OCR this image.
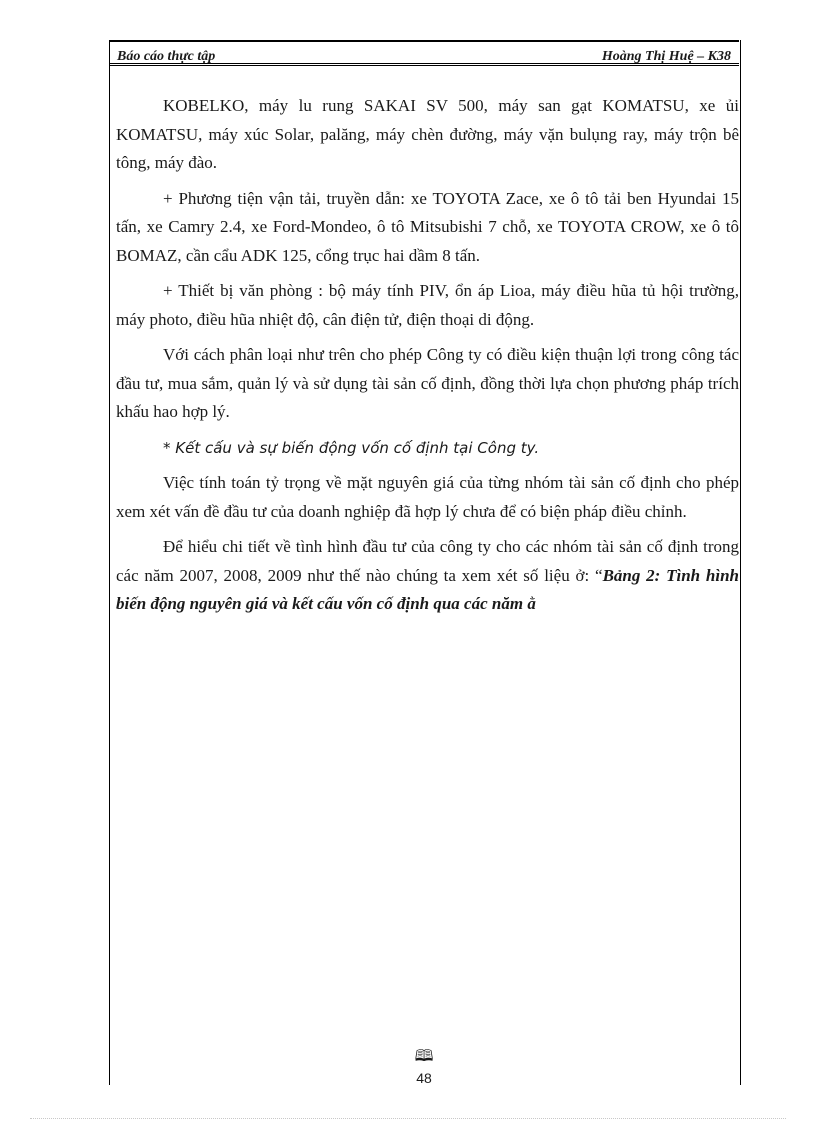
Báo cáo thực tập	Hoàng Thị Huệ – K38

KOBELKO, máy lu rung SAKAI SV 500, máy san gạt KOMATSU, xe ủi KOMATSU, máy xúc Solar, palăng, máy chèn đường, máy vặn bulụng ray, máy trộn bê tông, máy đào.

+ Phương tiện vận tải, truyền dẫn: xe TOYOTA Zace, xe ô tô tải ben Hyundai 15 tấn, xe Camry 2.4, xe Ford-Mondeo, ô tô Mitsubishi 7 chỗ, xe TOYOTA CROW, xe ô tô BOMAZ, cần cẩu ADK 125, cổng trục hai dầm 8 tấn.

+ Thiết bị văn phòng : bộ máy tính PIV, ổn áp Lioa, máy điều hũa tủ hội trường, máy photo, điều hũa nhiệt độ, cân điện tử, điện thoại di động.

Với cách phân loại như trên cho phép Công ty có điều kiện thuận lợi trong công tác đầu tư, mua sắm, quản lý và sử dụng tài sản cố định, đồng thời lựa chọn phương pháp trích khấu hao hợp lý.

* Kết cấu và sự biến động vốn cố định tại Công ty.

Việc tính toán tỷ trọng về mặt nguyên giá của từng nhóm tài sản cố định cho phép xem xét vấn đề đầu tư của doanh nghiệp đã hợp lý chưa để có biện pháp điều chỉnh.

Để hiểu chi tiết về tình hình đầu tư của công ty cho các nhóm tài sản cố định trong các năm 2007, 2008, 2009 như thế nào chúng ta xem xét số liệu ở: “Bảng 2: Tình hình biến động nguyên giá và kết cấu vốn cố định qua các năm ằ

🕮
48
